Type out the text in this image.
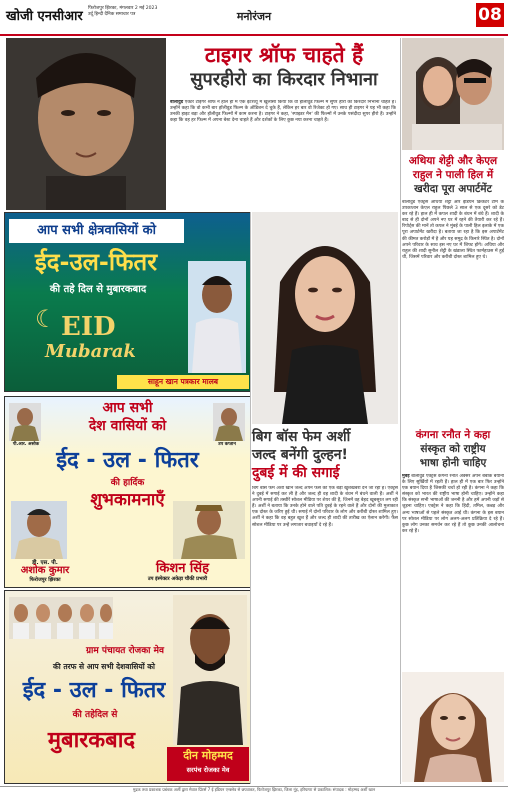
खोजी एनसीआर
फिरोजपुर झिरका, मंगलवार 2 मई 2023
उर्दू हिन्दी दैनिक समाचार पत्र	मनोरंजन	08
टाइगर श्रॉफ चाहते हैं
सुपरहीरो का किरदार निभाना
बॉलीवुड एक्टर टाइगर श्रॉफ ने हाल ही में एक इंटरव्यू में खुलासा किया कि वो हॉलीवुड फिल्म में सुपर हीरो का किरदार निभाना चाहते हैं। उन्होंने कहा कि वो कभी बार हॉलीवुड फिल्म के ऑडिशन दे चुके हैं, लेकिन हर बार वो रिजेक्ट हो गए। साथ ही टाइगर ने यह भी कहा कि उनकी हाइट बड़ा और हॉलीवुड फिल्मों में काम करना है। टाइगर ने कहा, 'स्पाइडर मैन' की फिल्मों में उनके पसंदीदा सुपर हीरो हैं। उन्होंने कहा कि वह हर फिल्म में अपना बेस्ट देना चाहते हैं और दर्शकों के लिए कुछ नया करना चाहते हैं।
अथिया शेट्टी और केएल
राहुल ने पाली हिल में
खरीदा पूरा अपार्टमेंट
बॉलीवुड एक्ट्रेस अथिया शेट्टी और इंडियन क्रिकेटर टीम के उपकप्तान केएल राहुल पिछले 3 साल से एक दूसरे को डेट कर रहे हैं। हाल ही में कपल शादी के बंधन में बंधे हैं। शादी के बाद से ही दोनों अपने नए घर में रहने की तैयारी कर रहे हैं। रिपोर्ट्स की मानें तो कपल ने मुंबई के पाली हिल इलाके में एक पूरा अपार्टमेंट खरीदा है। बताया जा रहा है कि इस अपार्टमेंट की कीमत करोड़ों में है और यह समुद्र के किनारे स्थित है। दोनों अपने परिवार के साथ इस नए घर में शिफ्ट होंगे। अथिया और राहुल की शादी सुनील शेट्टी के खंडाला स्थित फार्महाउस में हुई थी, जिसमें परिवार और करीबी दोस्त शामिल हुए थे।
आप सभी क्षेत्रवासियों को
ईद-उल-फितर
की तहे दिल से मुबारकबाद
☾ EID
Mubarak
साहून खान पत्रकार मालब
बिग बॉस फेम अर्शी
जल्द बनेंगी दुल्हन!
दुबई में की सगाई
बिग बॉस फेम अर्शी खान जल्द अपने फैंस को एक बड़ी खुशखबरी देने जा रही हैं। एक्ट्रेस ने दुबई में सगाई कर ली है और जल्द ही वह शादी के बंधन में बंधने वाली हैं। अर्शी ने अपनी सगाई की तस्वीरें सोशल मीडिया पर शेयर की हैं, जिनमें वह बेहद खूबसूरत लग रही हैं। अर्शी ने बताया कि उनके होने वाले पति दुबई के रहने वाले हैं और दोनों की मुलाकात एक दोस्त के जरिए हुई थी। सगाई में दोनों परिवार के लोग और करीबी दोस्त शामिल हुए। अर्शी ने कहा कि वह बहुत खुश हैं और जल्द ही शादी की तारीख का ऐलान करेंगी। फैंस सोशल मीडिया पर उन्हें लगातार बधाइयाँ दे रहे हैं।
पी.आर. असोक	उप कप्तान
आप सभी
देश वासियों को
ईद - उल - फितर
की हार्दिक
शुभकामनाएँ
डी. एस. पी.
अशोक कुमार
फिरोजपुर झिरका
किशन सिंह
उप इंस्पेक्टर अकेड़ा चौकी प्रभारी
ग्राम पंचायत रोजका मेव
की तरफ से आप सभी देशवासियों को
ईद - उल - फितर
की तहेदिल से
मुबारकबाद
दीन मोहम्मद
सरपंच रोजका मेव
कंगना रनौत ने कहा
संस्कृत को राष्ट्रीय
भाषा होनी चाहिए
मुंबई बॉलीवुड एक्ट्रेस कंगना रनौत अक्सर अपने बेबाक बयानों के लिए सुर्खियों में रहती हैं। हाल ही में एक बार फिर उन्होंने एक बयान दिया है जिसकी चर्चा हो रही है। कंगना ने कहा कि संस्कृत को भारत की राष्ट्रीय भाषा होनी चाहिए। उन्होंने कहा कि संस्कृत सभी भाषाओं की जननी है और हमें अपनी जड़ों से जुड़ना चाहिए। एक्ट्रेस ने कहा कि हिंदी, तमिल, कन्नड़ और अन्य भाषाओं से पहले संस्कृत आई थी। कंगना के इस बयान पर सोशल मीडिया पर लोग अलग-अलग प्रतिक्रिया दे रहे हैं। कुछ लोग उनका समर्थन कर रहे हैं तो कुछ उनकी आलोचना कर रहे हैं।
मुद्रक तथा प्रकाशक प्रबंधक अर्शी द्वारा मेवात प्रिंटर्स 7 ई इंडियन एन्क्लेव से छपवाकर, फिरोजपुर झिरका, जिला नूंह, हरियाणा से प्रकाशित। संपादक : मोहम्मद अर्शी खान
